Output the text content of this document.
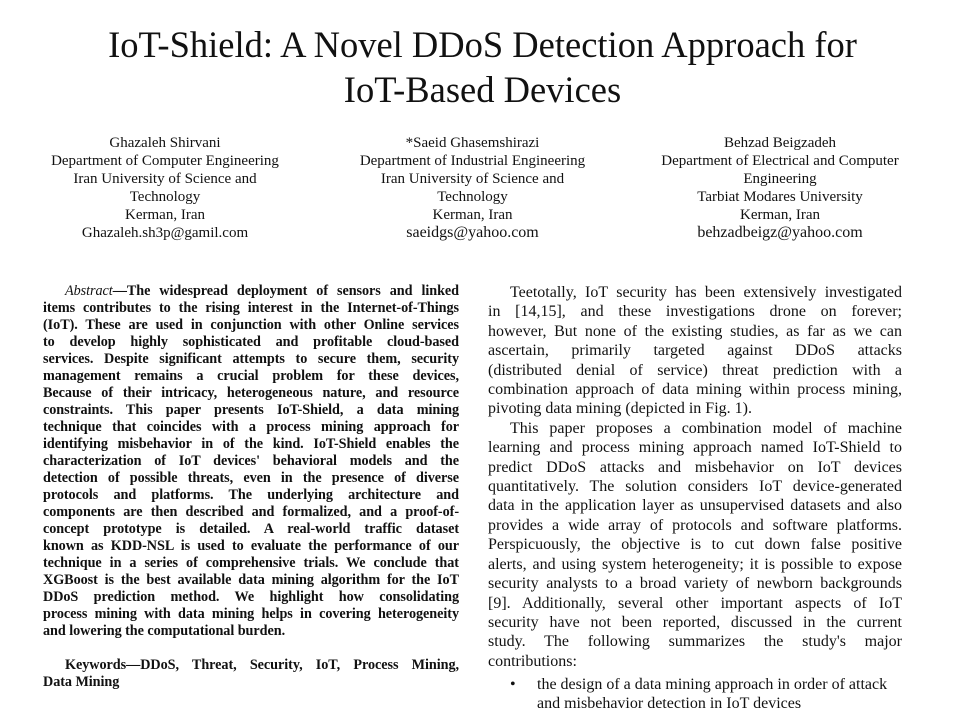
IoT-Shield: A Novel DDoS Detection Approach for
IoT-Based Devices
Ghazaleh Shirvani
Department of Computer Engineering
Iran University of Science and
Technology
Kerman, Iran
Ghazaleh.sh3p@gamil.com
*Saeid Ghasemshirazi
Department of Industrial Engineering
Iran University of Science and
Technology
Kerman, Iran
saeidgs@yahoo.com
Behzad Beigzadeh
Department of Electrical and Computer
Engineering
Tarbiat Modares University
Kerman, Iran
behzadbeigz@yahoo.com
Abstract—The widespread deployment of sensors and linked
items contributes to the rising interest in the Internet-of-Things
(IoT). These are used in conjunction with other Online services
to develop highly sophisticated and profitable cloud-based
services. Despite significant attempts to secure them, security
management remains a crucial problem for these devices,
Because of their intricacy, heterogeneous nature, and resource
constraints. This paper presents IoT-Shield, a data mining
technique that coincides with a process mining approach for
identifying misbehavior in of the kind. IoT-Shield enables the
characterization of IoT devices' behavioral models and the
detection of possible threats, even in the presence of diverse
protocols and platforms. The underlying architecture and
components are then described and formalized, and a proof-of-
concept prototype is detailed. A real-world traffic dataset
known as KDD-NSL is used to evaluate the performance of our
technique in a series of comprehensive trials. We conclude that
XGBoost is the best available data mining algorithm for the IoT
DDoS prediction method. We highlight how consolidating
process mining with data mining helps in covering heterogeneity
and lowering the computational burden.
Keywords—DDoS, Threat, Security, IoT, Process Mining,
Data Mining
Teetotally, IoT security has been extensively investigated
in [14,15], and these investigations drone on forever;
however, But none of the existing studies, as far as we can
ascertain, primarily targeted against DDoS attacks
(distributed denial of service) threat prediction with a
combination approach of data mining within process mining,
pivoting data mining (depicted in Fig. 1).
This paper proposes a combination model of machine
learning and process mining approach named IoT-Shield to
predict DDoS attacks and misbehavior on IoT devices
quantitatively. The solution considers IoT device-generated
data in the application layer as unsupervised datasets and also
provides a wide array of protocols and software platforms.
Perspicuously, the objective is to cut down false positive
alerts, and using system heterogeneity; it is possible to expose
security analysts to a broad variety of newborn backgrounds
[9]. Additionally, several other important aspects of IoT
security have not been reported, discussed in the current
study. The following summarizes the study's major
contributions:
• the design of a data mining approach in order of attack
and misbehavior detection in IoT devices
